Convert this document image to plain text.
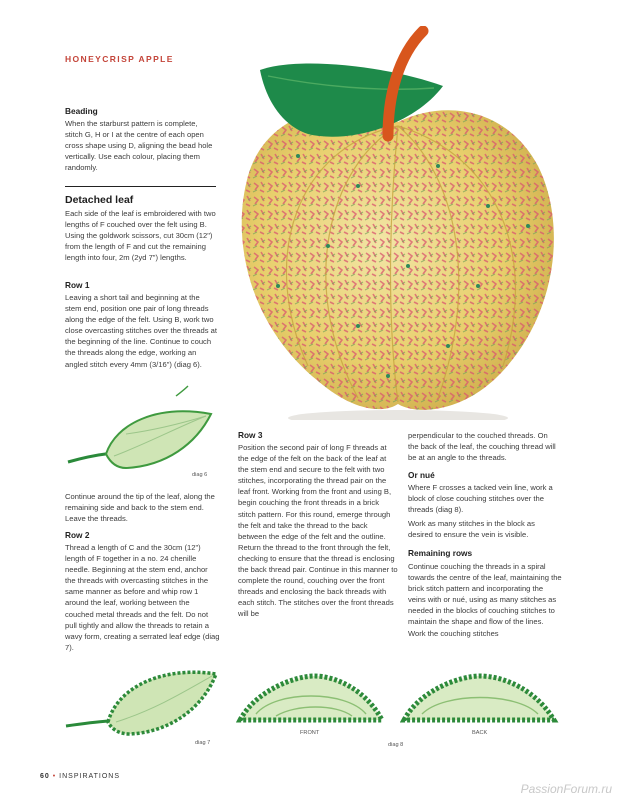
HONEYCRISP APPLE
Beading

When the starburst pattern is complete, stitch G, H or I at the centre of each open cross shape using D, aligning the bead hole vertically. Use each colour, placing them randomly.

Detached leaf

Each side of the leaf is embroidered with two lengths of F couched over the felt using B. Using the goldwork scissors, cut 30cm (12") from the length of F and cut the remaining length into four, 2m (2yd 7") lengths.

Row 1

Leaving a short tail and beginning at the stem end, position one pair of long threads along the edge of the felt. Using B, work two close overcasting stitches over the threads at the beginning of the line. Continue to couch the threads along the edge, working an angled stitch every 4mm (3/16") (diag 6).

diag 6

Continue around the tip of the leaf, along the remaining side and back to the stem end. Leave the threads.

Row 2

Thread a length of C and the 30cm (12") length of F together in a no. 24 chenille needle. Beginning at the stem end, anchor the threads with overcasting stitches in the same manner as before and whip row 1 around the leaf, working between the couched metal threads and the felt. Do not pull tightly and allow the threads to retain a wavy form, creating a serrated leaf edge (diag 7).

diag 7
Row 3

Position the second pair of long F threads at the edge of the felt on the back of the leaf at the stem end and secure to the felt with two stitches, incorporating the thread pair on the leaf front. Working from the front and using B, begin couching the front threads in a brick stitch pattern. For this round, emerge through the felt and take the thread to the back between the edge of the felt and the outline. Return the thread to the front through the felt, checking to ensure that the thread is enclosing the back thread pair. Continue in this manner to complete the round, couching over the front threads and enclosing the back threads with each stitch. The stitches over the front threads will be

perpendicular to the couched threads. On the back of the leaf, the couching thread will be at an angle to the threads.

Or nué

Where F crosses a tacked vein line, work a block of close couching stitches over the threads (diag 8).

Work as many stitches in the block as desired to ensure the vein is visible.

Remaining rows

Continue couching the threads in a spiral towards the centre of the leaf, maintaining the brick stitch pattern and incorporating the veins with or nué, using as many stitches as needed in the blocks of couching stitches to maintain the shape and flow of the lines. Work the couching stitches

FRONT	BACK
diag 8
60 • INSPIRATIONS
PassionForum.ru
